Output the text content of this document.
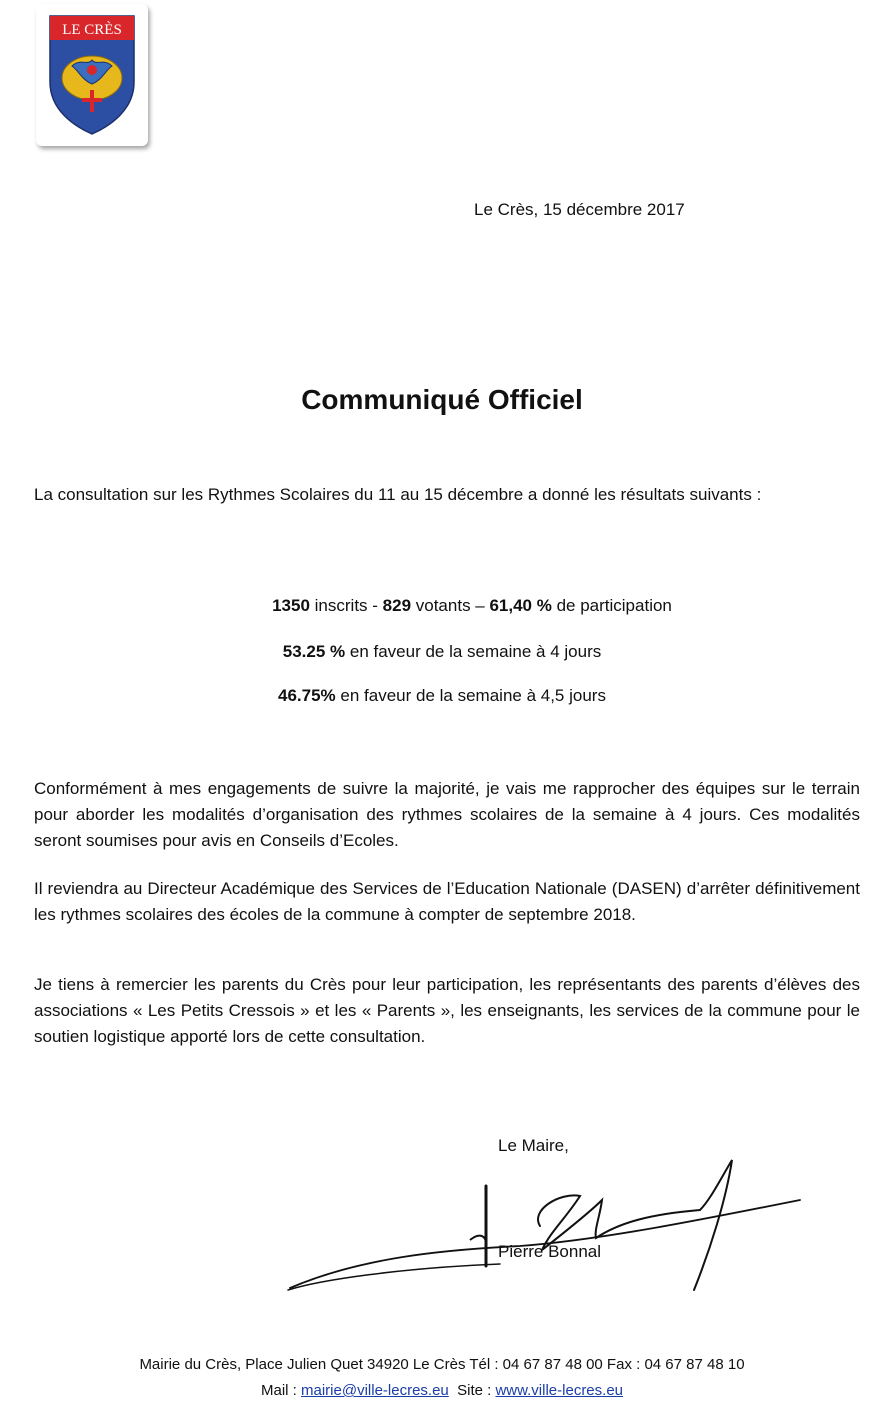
LE CRÈS
Le Crès, 15 décembre 2017
Communiqué Officiel
La consultation sur les Rythmes Scolaires du 11 au 15 décembre a donné les résultats suivants :
1350 inscrits - 829 votants – 61,40 % de participation
53.25 % en faveur de la semaine à 4 jours
46.75% en faveur de la semaine à 4,5 jours
Conformément à mes engagements de suivre la majorité, je vais me rapprocher des équipes sur le terrain pour aborder les modalités d’organisation des rythmes scolaires de la semaine à 4 jours. Ces modalités seront soumises pour avis en Conseils d’Ecoles.
Il reviendra au Directeur Académique des Services de l’Education Nationale (DASEN) d’arrêter définitivement les rythmes scolaires des écoles de la commune à compter de septembre 2018.
Je tiens à remercier les parents du Crès pour leur participation, les représentants des parents d’élèves des associations « Les Petits Cressois » et les « Parents », les enseignants, les services de la commune pour le soutien logistique apporté lors de cette consultation.
Le Maire,
Pierre Bonnal
Mairie du Crès, Place Julien Quet 34920 Le Crès Tél : 04 67 87 48 00 Fax : 04 67 87 48 10
Mail : mairie@ville-lecres.eu  Site : www.ville-lecres.eu
